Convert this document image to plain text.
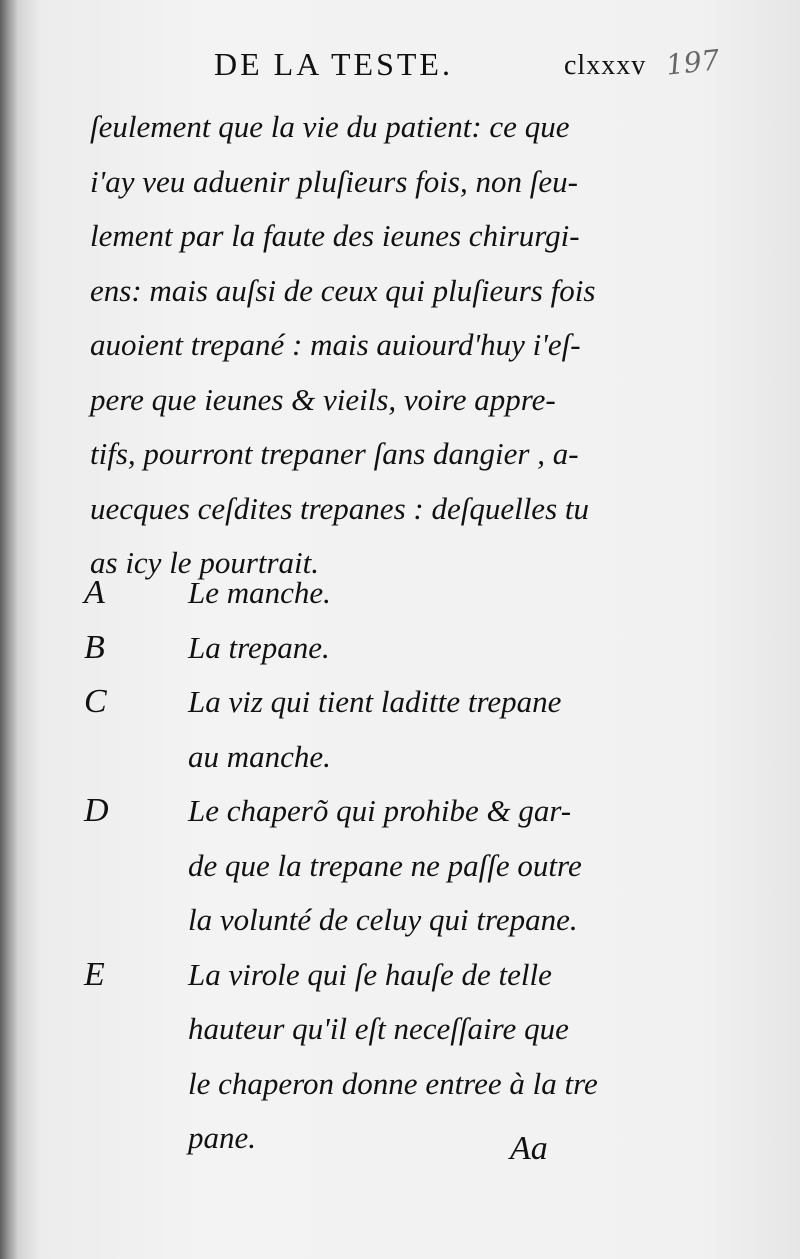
DE LA TESTE.	clxxxv 197
ſeulement que la vie du patient: ce que
i'ay veu aduenir pluſieurs fois, non ſeu-
lement par la faute des ieunes chirurgi-
ens: mais auſsi de ceux qui pluſieurs fois
auoient trepané : mais auiourd'huy i'eſ-
pere que ieunes & vieils, voire appre-
tifs, pourront trepaner ſans dangier , a-
uecques ceſdites trepanes : deſquelles tu
as icy le pourtrait.
A	Le manche.
B	La trepane.
C	La viz qui tient laditte trepane
au manche.
D	Le chaperõ qui prohibe & gar-
de que la trepane ne paſſe outre
la volunté de celuy qui trepane.
E	La virole qui ſe hauſe de telle
hauteur qu'il eſt neceſſaire que
le chaperon donne entree à la tre
pane.	Aa
